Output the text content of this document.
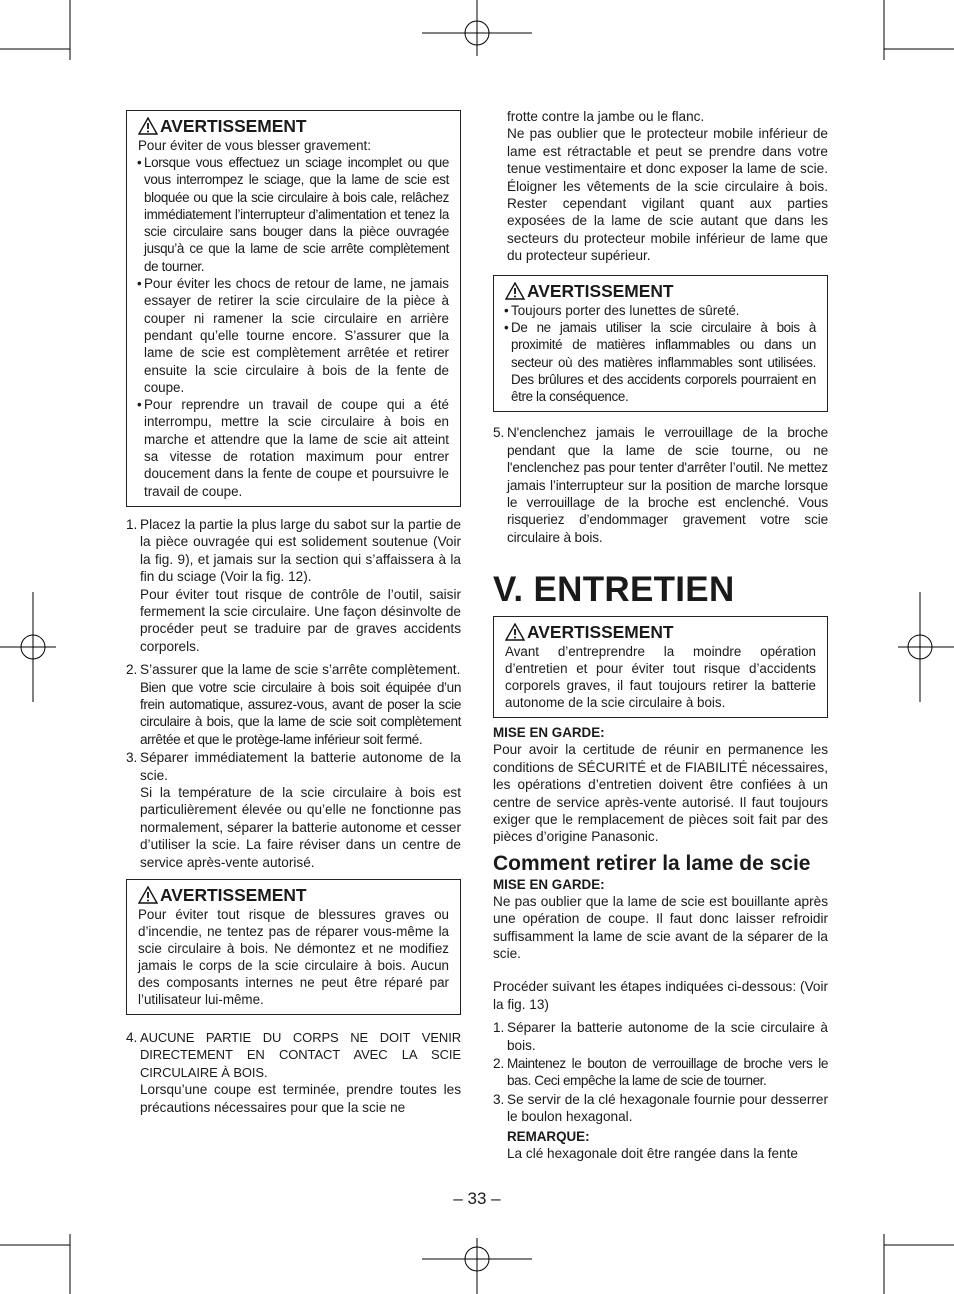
AVERTISSEMENT
Pour éviter de vous blesser gravement:
• Lorsque vous effectuez un sciage incomplet ou que vous interrompez le sciage, que la lame de scie est bloquée ou que la scie circulaire à bois cale, relâchez immédiatement l’interrupteur d’alimentation et tenez la scie circulaire sans bouger dans la pièce ouvragée jusqu’à ce que la lame de scie arrête complètement de tourner.
• Pour éviter les chocs de retour de lame, ne jamais essayer de retirer la scie circulaire de la pièce à couper ni ramener la scie circulaire en arrière pendant qu’elle tourne encore. S’assurer que la lame de scie est complètement arrêtée et retirer ensuite la scie circulaire à bois de la fente de coupe.
• Pour reprendre un travail de coupe qui a été interrompu, mettre la scie circulaire à bois en marche et attendre que la lame de scie ait atteint sa vitesse de rotation maximum pour entrer doucement dans la fente de coupe et poursuivre le travail de coupe.
1. Placez la partie la plus large du sabot sur la partie de la pièce ouvragée qui est solidement soutenue (Voir la fig. 9), et jamais sur la section qui s’affaissera à la fin du sciage (Voir la fig. 12).

Pour éviter tout risque de contrôle de l’outil, saisir fermement la scie circulaire. Une façon désinvolte de procéder peut se traduire par de graves accidents corporels.

2. S’assurer que la lame de scie s’arrête complètement.

Bien que votre scie circulaire à bois soit équipée d’un frein automatique, assurez-vous, avant de poser la scie circulaire à bois, que la lame de scie soit complètement arrêtée et que le protège-lame inférieur soit fermé.

3. Séparer immédiatement la batterie autonome de la scie.

Si la température de la scie circulaire à bois est particulièrement élevée ou qu’elle ne fonctionne pas normalement, séparer la batterie autonome et cesser d’utiliser la scie. La faire réviser dans un centre de service après-vente autorisé.

AVERTISSEMENT
Pour éviter tout risque de blessures graves ou d’incendie, ne tentez pas de réparer vous-même la scie circulaire à bois. Ne démontez et ne modifiez jamais le corps de la scie circulaire à bois. Aucun des composants internes ne peut être réparé par l’utilisateur lui-même.
4. AUCUNE PARTIE DU CORPS NE DOIT VENIR DIRECTEMENT EN CONTACT AVEC LA SCIE CIRCULAIRE À BOIS.

Lorsqu’une coupe est terminée, prendre toutes les précautions nécessaires pour que la scie ne

frotte contre la jambe ou le flanc.

Ne pas oublier que le protecteur mobile inférieur de lame est rétractable et peut se prendre dans votre tenue vestimentaire et donc exposer la lame de scie. Éloigner les vêtements de la scie circulaire à bois. Rester cependant vigilant quant aux parties exposées de la lame de scie autant que dans les secteurs du protecteur mobile inférieur de lame que du protecteur supérieur.

AVERTISSEMENT
• Toujours porter des lunettes de sûreté.
• De ne jamais utiliser la scie circulaire à bois à proximité de matières inflammables ou dans un secteur où des matières inflammables sont utilisées. Des brûlures et des accidents corporels pourraient en être la conséquence.
5. N'enclenchez jamais le verrouillage de la broche pendant que la lame de scie tourne, ou ne l'enclenchez pas pour tenter d'arrêter l’outil. Ne mettez jamais l’interrupteur sur la position de marche lorsque le verrouillage de la broche est enclenché. Vous risqueriez d’endommager gravement votre scie circulaire à bois.

V. ENTRETIEN
AVERTISSEMENT
Avant d’entreprendre la moindre opération d’entretien et pour éviter tout risque d’accidents corporels graves, il faut toujours retirer la batterie autonome de la scie circulaire à bois.
MISE EN GARDE:

Pour avoir la certitude de réunir en permanence les conditions de SÉCURITÉ et de FIABILITÉ nécessaires, les opérations d’entretien doivent être confiées à un centre de service après-vente autorisé. Il faut toujours exiger que le remplacement de pièces soit fait par des pièces d’origine Panasonic.

Comment retirer la lame de scie
MISE EN GARDE:

Ne pas oublier que la lame de scie est bouillante après une opération de coupe. Il faut donc laisser refroidir suffisamment la lame de scie avant de la séparer de la scie.

Procéder suivant les étapes indiquées ci-dessous: (Voir la fig. 13)

1. Séparer la batterie autonome de la scie circulaire à bois.

2. Maintenez le bouton de verrouillage de broche vers le bas. Ceci empêche la lame de scie de tourner.

3. Se servir de la clé hexagonale fournie pour desserrer le boulon hexagonal.

REMARQUE:

La clé hexagonale doit être rangée dans la fente

– 33 –
